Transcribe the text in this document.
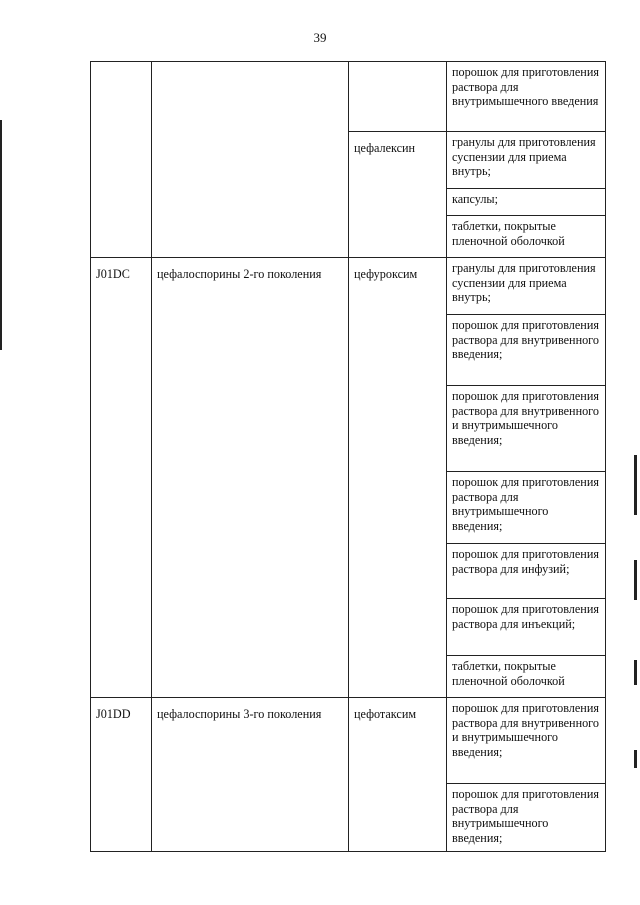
39
			порошок для приготовления раствора для внутримышечного введения
		цефалексин	гранулы для приготовления суспензии для приема внутрь;
			капсулы;
			таблетки, покрытые пленочной оболочкой
J01DC	цефалоспорины 2-го поколения	цефуроксим	гранулы для приготовления суспензии для приема внутрь;
			порошок для приготовления раствора для внутривенного введения;
			порошок для приготовления раствора для внутривенного и внутримышечного введения;
			порошок для приготовления раствора для внутримышечного введения;
			порошок для приготовления раствора для инфузий;
			порошок для приготовления раствора для инъекций;
			таблетки, покрытые пленочной оболочкой
J01DD	цефалоспорины 3-го поколения	цефотаксим	порошок для приготовления раствора для внутривенного и внутримышечного введения;
			порошок для приготовления раствора для внутримышечного введения;
